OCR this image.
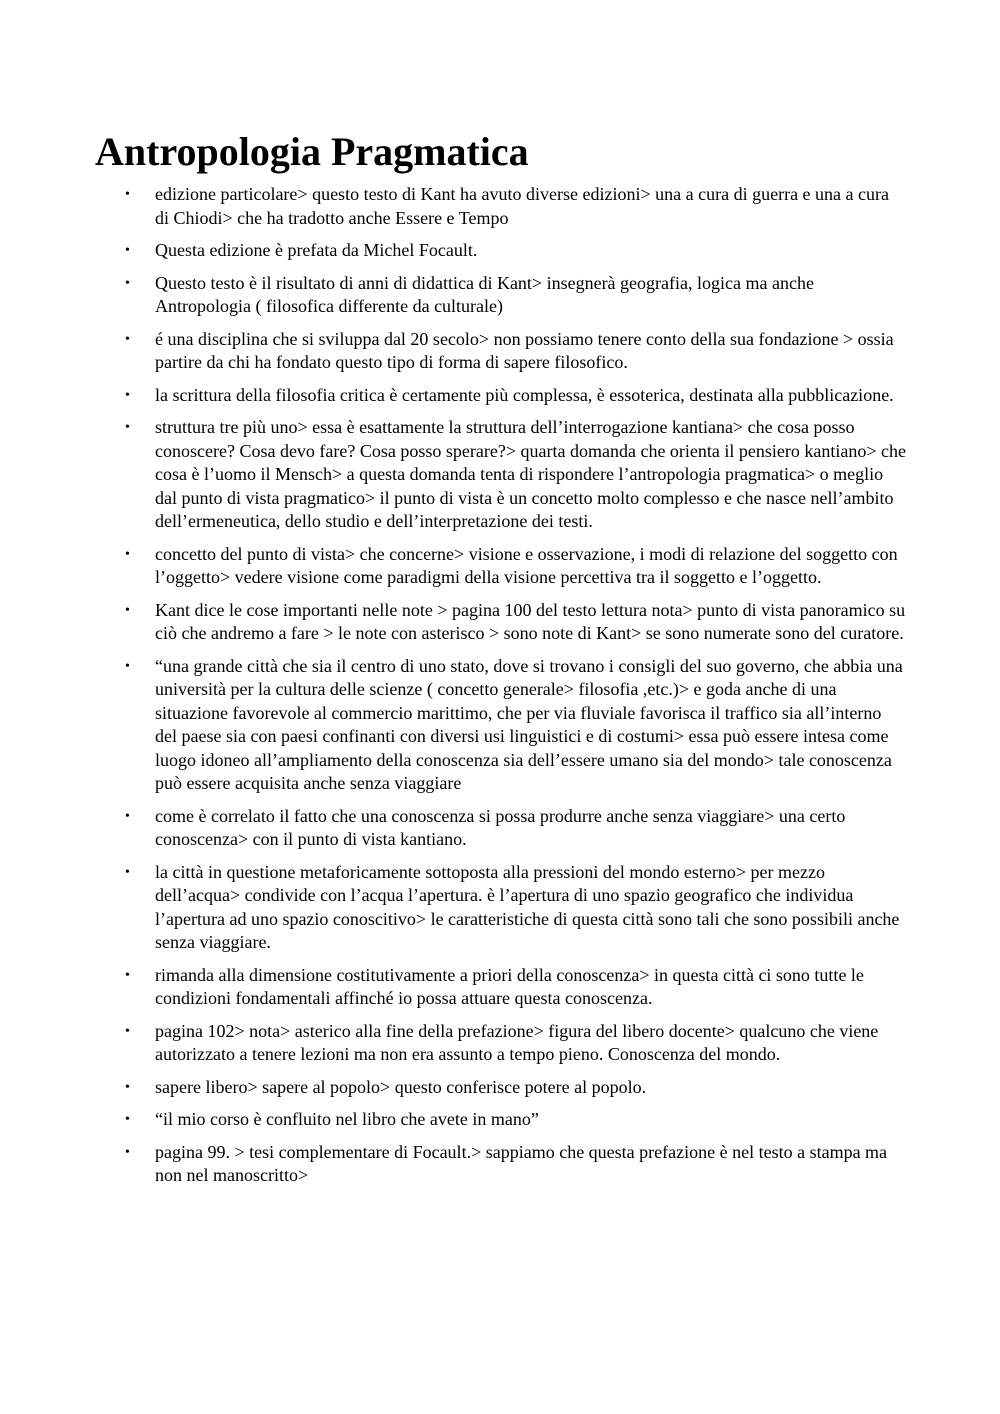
Antropologia Pragmatica
• edizione particolare> questo testo di Kant ha avuto diverse edizioni> una a cura di guerra e una a cura di Chiodi> che ha tradotto anche Essere e Tempo
• Questa edizione è prefata da Michel Focault.
• Questo testo è il risultato di anni di didattica di Kant> insegnerà geografia, logica ma anche Antropologia ( filosofica differente da culturale)
• é una disciplina che si sviluppa dal 20 secolo> non possiamo tenere conto della sua fondazione > ossia partire da chi ha fondato questo tipo di forma di sapere filosofico.
• la scrittura della filosofia critica è certamente più complessa, è essoterica, destinata alla pubblicazione.
• struttura tre più uno> essa è esattamente la struttura dell’interrogazione kantiana> che cosa posso conoscere? Cosa devo fare? Cosa posso sperare?> quarta domanda che orienta il pensiero kantiano> che cosa è l’uomo il Mensch> a questa domanda tenta di rispondere l’antropologia pragmatica> o meglio dal punto di vista pragmatico> il punto di vista è un concetto molto complesso e che nasce nell’ambito dell’ermeneutica, dello studio e dell’interpretazione dei testi.
• concetto del punto di vista> che concerne> visione e osservazione, i modi di relazione del soggetto con l’oggetto> vedere visione come paradigmi della visione percettiva tra il soggetto e l’oggetto.
• Kant dice le cose importanti nelle note > pagina 100 del testo lettura nota> punto di vista panoramico su ciò che andremo a fare > le note con asterisco > sono note di Kant> se sono numerate sono del curatore.
• “una grande città che sia il centro di uno stato, dove si trovano i consigli del suo governo, che abbia una università per la cultura delle scienze ( concetto generale> filosofia ,etc.)> e goda anche di una situazione favorevole al commercio marittimo, che per via fluviale favorisca il traffico sia all’interno del paese sia con paesi confinanti con diversi usi linguistici e di costumi> essa può essere intesa come luogo idoneo all’ampliamento della conoscenza sia dell’essere umano sia del mondo> tale conoscenza può essere acquisita anche senza viaggiare
• come è correlato il fatto che una conoscenza si possa produrre anche senza viaggiare> una certo conoscenza> con il punto di vista kantiano.
• la città in questione metaforicamente sottoposta alla pressioni del mondo esterno> per mezzo dell’acqua> condivide con l’acqua l’apertura. è l’apertura di uno spazio geografico che individua l’apertura ad uno spazio conoscitivo> le caratteristiche di questa città sono tali che sono possibili anche senza viaggiare.
• rimanda alla dimensione costitutivamente a priori della conoscenza> in questa città ci sono tutte le condizioni fondamentali affinché io possa attuare questa conoscenza.
• pagina 102> nota> asterico alla fine della prefazione> figura del libero docente> qualcuno che viene autorizzato a tenere lezioni ma non era assunto a tempo pieno. Conoscenza del mondo.
• sapere libero> sapere al popolo> questo conferisce potere al popolo.
• “il mio corso è confluito nel libro che avete in mano”
• pagina 99. > tesi complementare di Focault.> sappiamo che questa prefazione è nel testo a stampa ma non nel manoscritto>
